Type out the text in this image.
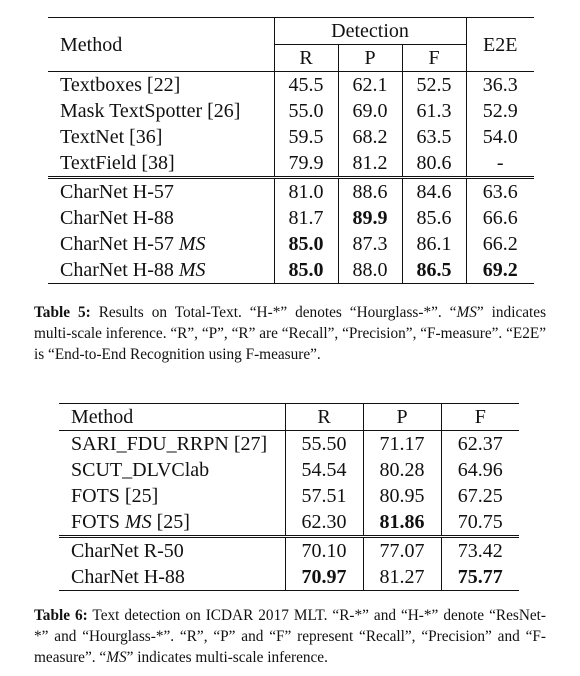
Method	Detection			E2E
	R	P	F	
Textboxes [22]	45.5	62.1	52.5	36.3
Mask TextSpotter [26]	55.0	69.0	61.3	52.9
TextNet [36]	59.5	68.2	63.5	54.0
TextField [38]	79.9	81.2	80.6	-
CharNet H-57	81.0	88.6	84.6	63.6
CharNet H-88	81.7	89.9	85.6	66.6
CharNet H-57 MS	85.0	87.3	86.1	66.2
CharNet H-88 MS	85.0	88.0	86.5	69.2
Table 5: Results on Total-Text. “H-*” denotes “Hourglass-*”. “MS” indicates multi-scale inference. “R”, “P”, “R” are “Recall”, “Precision”, “F-measure”. “E2E” is “End-to-End Recognition using F-measure”.
Method	R	P	F
SARI_FDU_RRPN [27]	55.50	71.17	62.37
SCUT_DLVClab	54.54	80.28	64.96
FOTS [25]	57.51	80.95	67.25
FOTS MS [25]	62.30	81.86	70.75
CharNet R-50	70.10	77.07	73.42
CharNet H-88	70.97	81.27	75.77
Table 6: Text detection on ICDAR 2017 MLT. “R-*” and “H-*” denote “ResNet-*” and “Hourglass-*”. “R”, “P” and “F” represent “Recall”, “Precision” and “F-measure”. “MS” indicates multi-scale inference.
